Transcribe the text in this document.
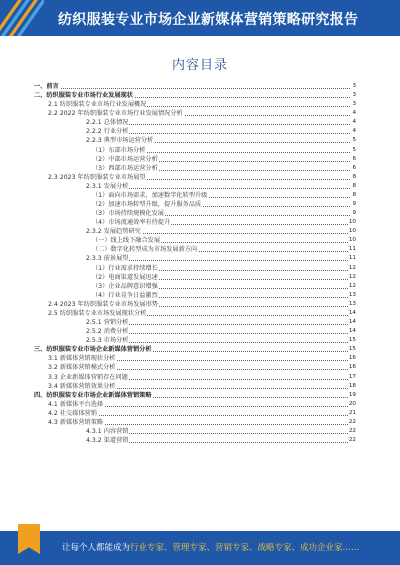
纺织服装专业市场企业新媒体营销策略研究报告
内容目录
一、前言	3
二、纺织服装专业市场行业发展现状	3
2.1 纺织服装专业市场行业发展概况	3
2.2 2022 年纺织服装专业市场行业发展情况分析	4
2.2.1 总体情况	4
2.2.2 行业分析	4
2.2.3 典型市场运营分析	5
（1）东部市场分析	5
（2）中部市场运营分析	6
（3）西部市场运营分析	6
2.3 2023 年纺织服装专业市场展望	8
2.3.1 发展分析	8
（1）面向市场需求，加速数字化转型升级	8
（2）加速市场转型升级，提升服务品质	9
（3）市场持续规模化发展	9
（4）市场流通效率有待提升	10
2.3.2 发展趋势研究	10
（一）线上线下融合发展	10
（二）数字化转型成为市场发展新方向	11
2.3.3 前景展望	11
（1）行业需求持续增长	12
（2）电商渠道发展迅速	12
（3）企业品牌意识增强	12
（4）行业竞争日益激烈	13
2.4 2023 年纺织服装专业市场发展形势	13
2.5 纺织服装专业市场发展现状分析	14
2.5.1 营销分析	14
2.5.2 消费分析	14
2.5.3 市场分析	15
三、纺织服装专业市场企业新媒体营销分析	15
3.1 新媒体营销现状分析	16
3.2 新媒体营销模式分析	16
3.3 企业新媒体营销存在问题	17
3.4 新媒体营销效果分析	18
四、纺织服装专业市场企业新媒体营销策略	19
4.1 新媒体平台选择	20
4.2 社交媒体营销	21
4.3 新媒体营销策略	22
4.3.1 内容营销	22
4.3.2 渠道营销	22
让每个人都能成为行业专家、管理专家、营销专家、战略专家、成功企业家……
